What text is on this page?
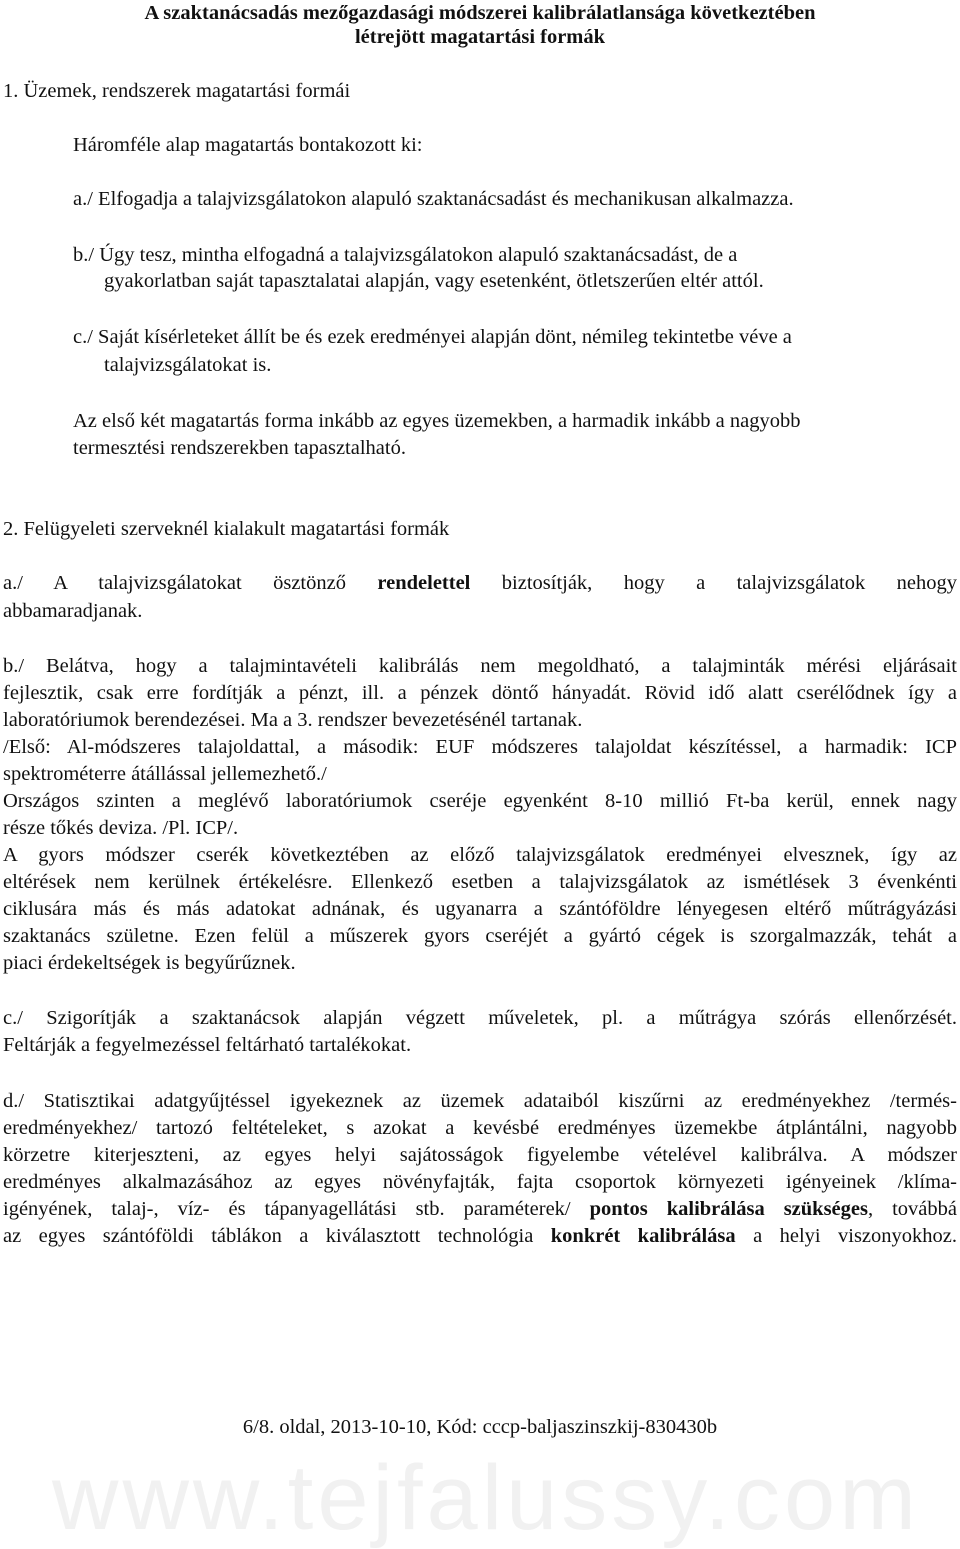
A szaktanácsadás mezőgazdasági módszerei kalibrálatlansága következtében
létrejött magatartási formák
1. Üzemek, rendszerek magatartási formái
Háromféle alap magatartás bontakozott ki:
a./ Elfogadja a talajvizsgálatokon alapuló szaktanácsadást és mechanikusan alkalmazza.
b./ Úgy tesz, mintha elfogadná a talajvizsgálatokon alapuló szaktanácsadást, de a
gyakorlatban saját tapasztalatai alapján, vagy esetenként, ötletszerűen eltér attól.
c./ Saját kísérleteket állít be és ezek eredményei alapján dönt, némileg tekintetbe véve a
talajvizsgálatokat is.
Az első két magatartás forma inkább az egyes üzemekben, a harmadik inkább a nagyobb
termesztési rendszerekben tapasztalható.
2. Felügyeleti szerveknél kialakult magatartási formák
a./ A talajvizsgálatokat ösztönző rendelettel biztosítják, hogy a talajvizsgálatok nehogy
abbamaradjanak.
b./ Belátva, hogy a talajmintavételi kalibrálás nem megoldható, a talajminták mérési eljárásait
fejlesztik, csak erre fordítják a pénzt, ill. a pénzek döntő hányadát. Rövid idő alatt cserélődnek így a
laboratóriumok berendezései. Ma a 3. rendszer bevezetésénél tartanak.
/Első: Al-módszeres talajoldattal, a második: EUF módszeres talajoldat készítéssel, a harmadik: ICP
spektrométerre átállással jellemezhető./
Országos szinten a meglévő laboratóriumok cseréje egyenként 8-10 millió Ft-ba kerül, ennek nagy
része tőkés deviza. /Pl. ICP/.
A gyors módszer cserék következtében az előző talajvizsgálatok eredményei elvesznek, így az
eltérések nem kerülnek értékelésre. Ellenkező esetben a talajvizsgálatok az ismétlések 3 évenkénti
ciklusára más és más adatokat adnának, és ugyanarra a szántóföldre lényegesen eltérő műtrágyázási
szaktanács születne. Ezen felül a műszerek gyors cseréjét a gyártó cégek is szorgalmazzák, tehát a
piaci érdekeltségek is begyűrűznek.
c./ Szigorítják a szaktanácsok alapján végzett műveletek, pl. a műtrágya szórás ellenőrzését.
Feltárják a fegyelmezéssel feltárható tartalékokat.
d./ Statisztikai adatgyűjtéssel igyekeznek az üzemek adataiból kiszűrni az eredményekhez /termés-
eredményekhez/ tartozó feltételeket, s azokat a kevésbé eredményes üzemekbe átplántálni, nagyobb
körzetre kiterjeszteni, az egyes helyi sajátosságok figyelembe vételével kalibrálva. A módszer
eredményes alkalmazásához az egyes növényfajták, fajta csoportok környezeti igényeinek /klíma-
igényének, talaj-, víz- és tápanyagellátási stb. paraméterek/ pontos kalibrálása szükséges, továbbá
az egyes szántóföldi táblákon a kiválasztott technológia konkrét kalibrálása a helyi viszonyokhoz.
6/8. oldal, 2013-10-10, Kód: cccp-baljaszinszkij-830430b
www.tejfalussy.com
